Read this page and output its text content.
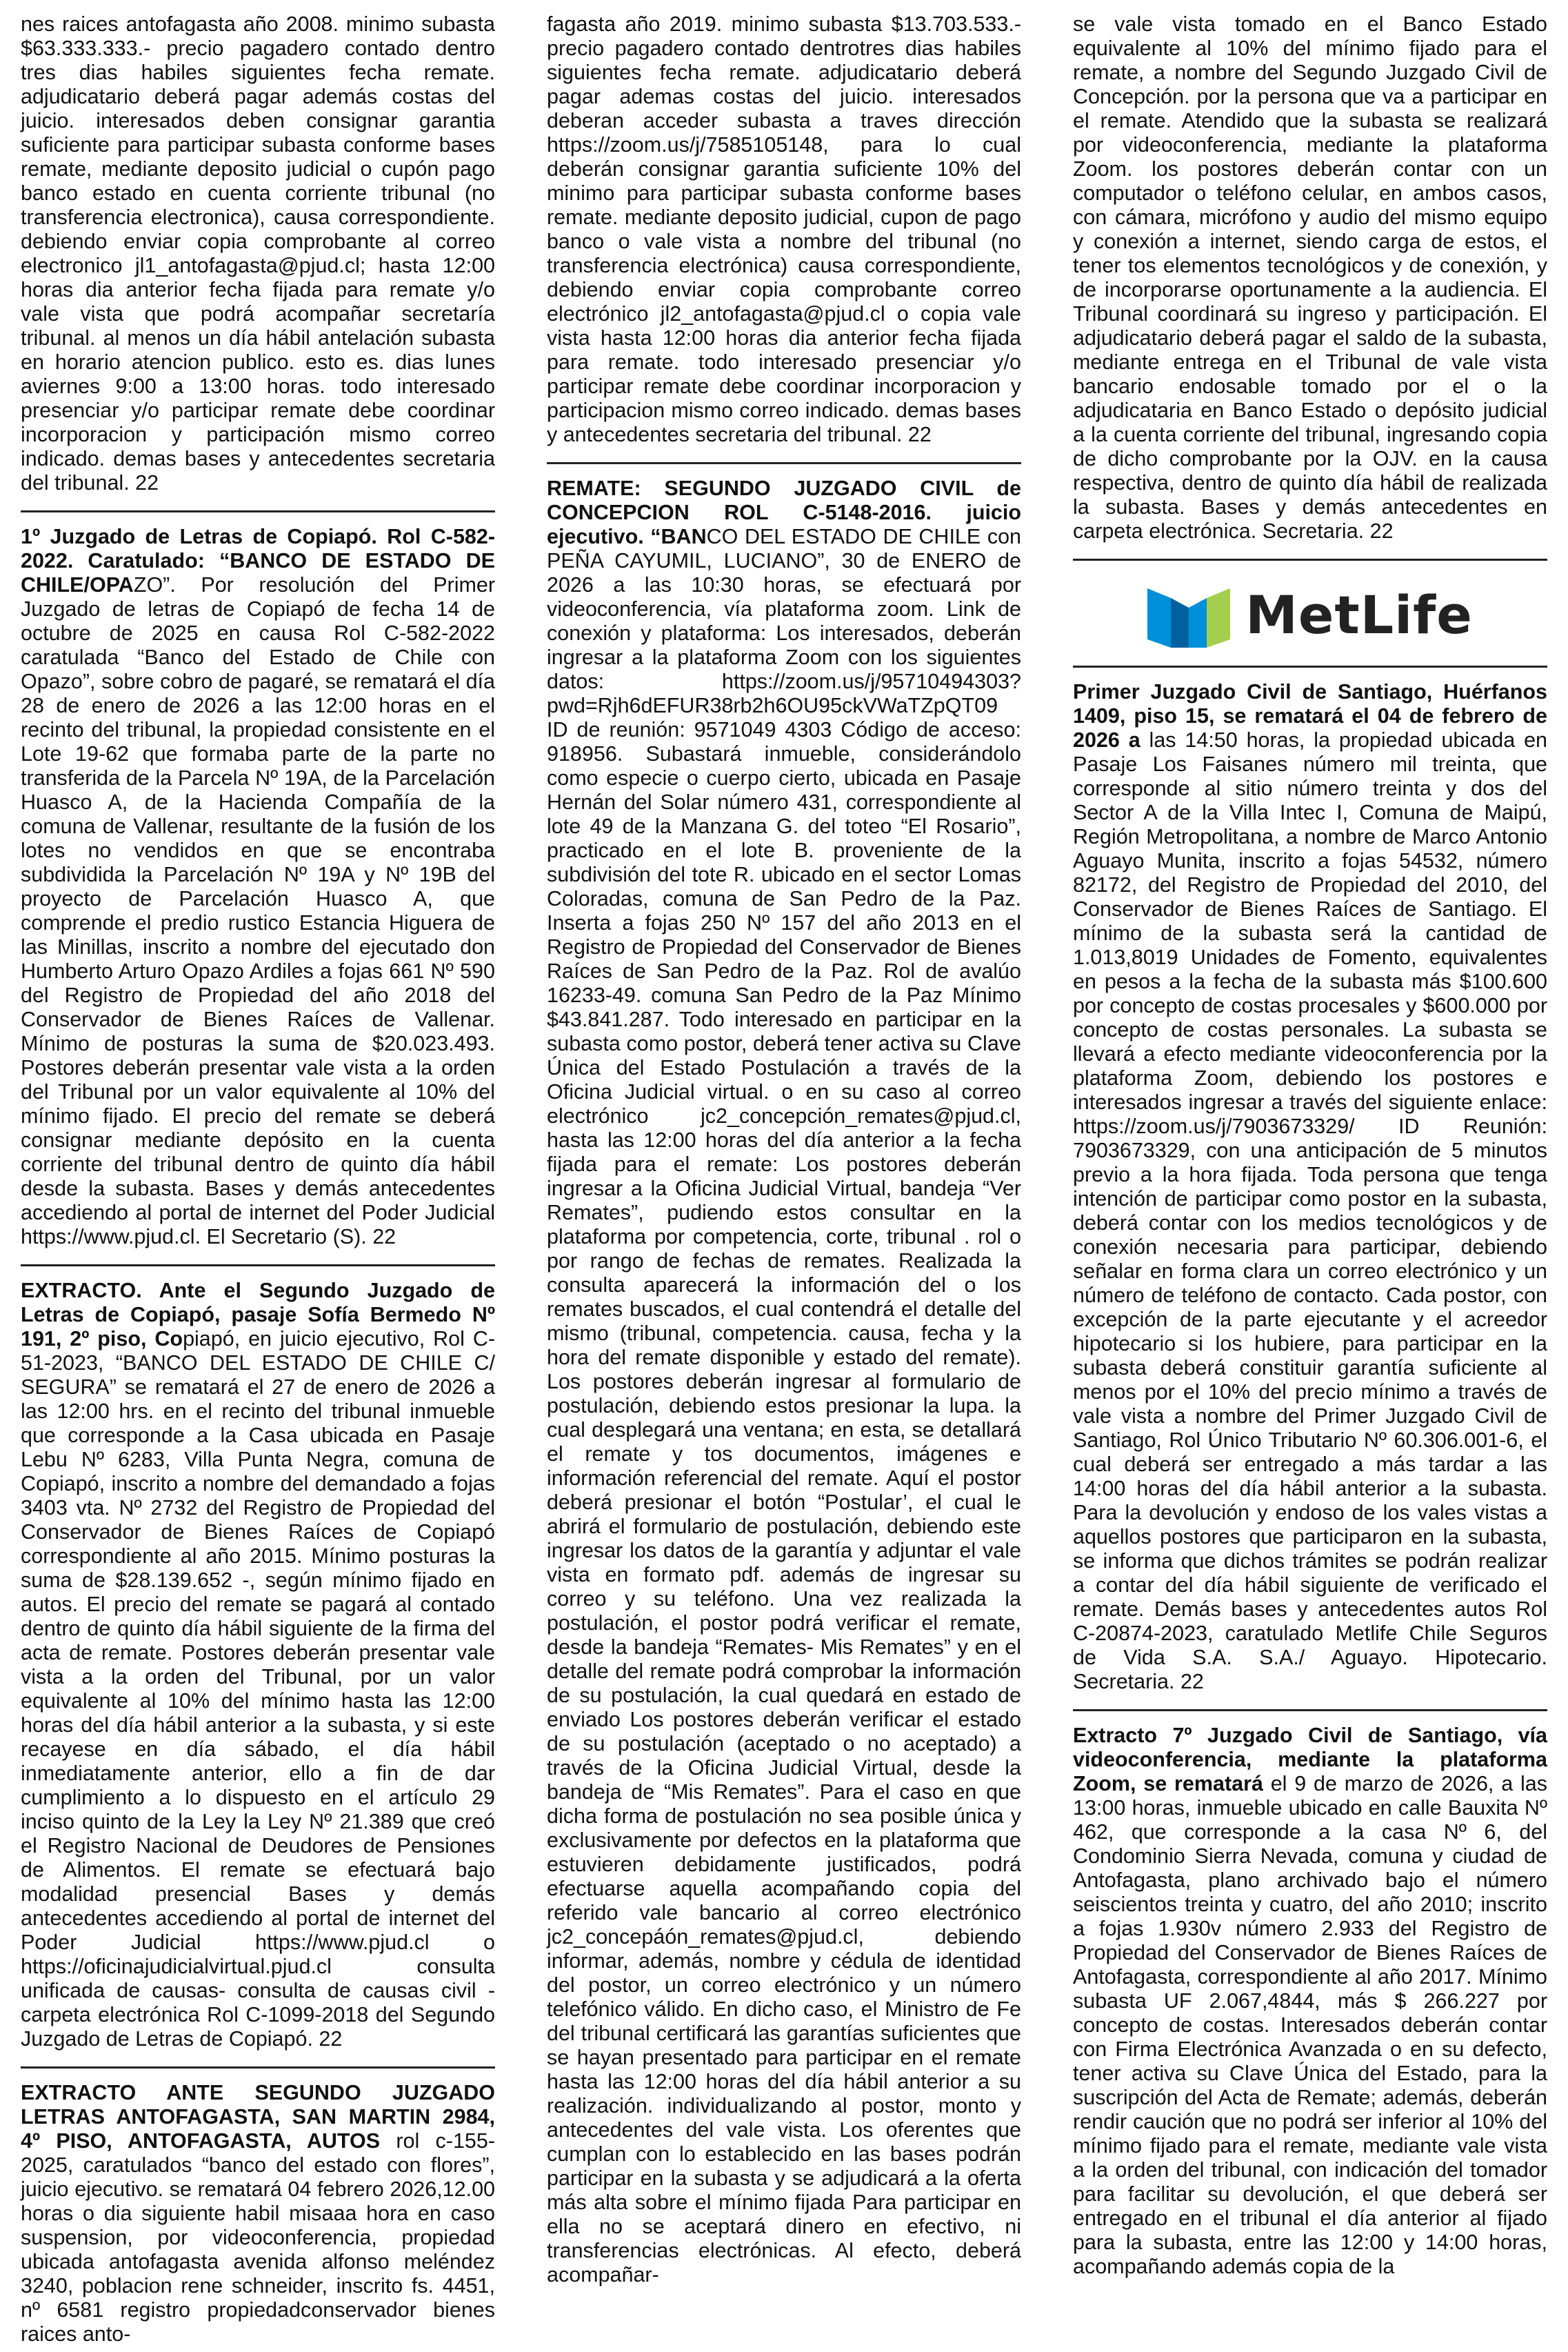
nes raices antofagasta año 2008. minimo subasta $63.333.333.- precio pagadero contado dentro tres dias habiles siguientes fecha remate. adjudicatario deberá pagar además costas del juicio. interesados deben consignar garantia suficiente para participar subasta conforme bases remate, mediante deposito judicial o cupón pago banco estado en cuenta corriente tribunal (no transferencia electronica), causa correspondiente. debiendo enviar copia comprobante al correo electronico jl1_antofagasta@pjud.cl; hasta 12:00 horas dia anterior fecha fijada para remate y/o vale vista que podrá acompañar secretaría tribunal. al menos un día hábil antelación subasta en horario atencion publico. esto es. dias lunes aviernes 9:00 a 13:00 horas. todo interesado presenciar y/o participar remate debe coordinar incorporacion y participación mismo correo indicado. demas bases y antecedentes secretaria del tribunal. 22

1º Juzgado de Letras de Copiapó. Rol C-582-2022. Caratulado: “BANCO DE ESTADO DE CHILE/OPAZO”. Por resolución del Primer Juzgado de letras de Copiapó de fecha 14 de octubre de 2025 en causa Rol C-582-2022 caratulada “Banco del Estado de Chile con Opazo”, sobre cobro de pagaré, se rematará el día 28 de enero de 2026 a las 12:00 horas en el recinto del tribunal, la propiedad consistente en el Lote 19-62 que formaba parte de la parte no transferida de la Parcela Nº 19A, de la Parcelación Huasco A, de la Hacienda Compañía de la comuna de Vallenar, resultante de la fusión de los lotes no vendidos en que se encontraba subdividida la Parcelación Nº 19A y Nº 19B del proyecto de Parcelación Huasco A, que comprende el predio rustico Estancia Higuera de las Minillas, inscrito a nombre del ejecutado don Humberto Arturo Opazo Ardiles a fojas 661 Nº 590 del Registro de Propiedad del año 2018 del Conservador de Bienes Raíces de Vallenar. Mínimo de posturas la suma de $20.023.493. Postores deberán presentar vale vista a la orden del Tribunal por un valor equivalente al 10% del mínimo fijado. El precio del remate se deberá consignar mediante depósito en la cuenta corriente del tribunal dentro de quinto día hábil desde la subasta. Bases y demás antecedentes accediendo al portal de internet del Poder Judicial https://www.pjud.cl. El Secretario (S). 22

EXTRACTO. Ante el Segundo Juzgado de Letras de Copiapó, pasaje Sofía Bermedo Nº 191, 2º piso, Copiapó, en juicio ejecutivo, Rol C-51-2023, “BANCO DEL ESTADO DE CHILE C/ SEGURA” se rematará el 27 de enero de 2026 a las 12:00 hrs. en el recinto del tribunal inmueble que corresponde a la Casa ubicada en Pasaje Lebu Nº 6283, Villa Punta Negra, comuna de Copiapó, inscrito a nombre del demandado a fojas 3403 vta. Nº 2732 del Registro de Propiedad del Conservador de Bienes Raíces de Copiapó correspondiente al año 2015. Mínimo posturas la suma de $28.139.652 -, según mínimo fijado en autos. El precio del remate se pagará al contado dentro de quinto día hábil siguiente de la firma del acta de remate. Postores deberán presentar vale vista a la orden del Tribunal, por un valor equivalente al 10% del mínimo hasta las 12:00 horas del día hábil anterior a la subasta, y si este recayese en día sábado, el día hábil inmediatamente anterior, ello a fin de dar cumplimiento a lo dispuesto en el artículo 29 inciso quinto de la Ley la Ley Nº 21.389 que creó el Registro Nacional de Deudores de Pensiones de Alimentos. El remate se efectuará bajo modalidad presencial Bases y demás antecedentes accediendo al portal de internet del Poder Judicial https://www.pjud.cl o https://oficinajudicialvirtual.pjud.cl consulta unificada de causas- consulta de causas civil - carpeta electrónica Rol C-1099-2018 del Segundo Juzgado de Letras de Copiapó. 22

EXTRACTO ANTE SEGUNDO JUZGADO LETRAS ANTOFAGASTA, SAN MARTIN 2984, 4º PISO, ANTOFAGASTA, AUTOS rol c-155-2025, caratulados “banco del estado con flores”, juicio ejecutivo. se rematará 04 febrero 2026,12.00 horas o dia siguiente habil misaaa hora en caso suspension, por videoconferencia, propiedad ubicada antofagasta avenida alfonso meléndez 3240, poblacion rene schneider, inscrito fs. 4451, nº 6581 registro propiedadconservador bienes raices anto-

fagasta año 2019. minimo subasta $13.703.533.- precio pagadero contado dentrotres dias habiles siguientes fecha remate. adjudicatario deberá pagar ademas costas del juicio. interesados deberan acceder subasta a traves dirección https://zoom.us/j/7585105148, para lo cual deberán consignar garantia suficiente 10% del minimo para participar subasta conforme bases remate. mediante deposito judicial, cupon de pago banco o vale vista a nombre del tribunal (no transferencia electrónica) causa correspondiente, debiendo enviar copia comprobante correo electrónico jl2_antofagasta@pjud.cl o copia vale vista hasta 12:00 horas dia anterior fecha fijada para remate. todo interesado presenciar y/o participar remate debe coordinar incorporacion y participacion mismo correo indicado. demas bases y antecedentes secretaria del tribunal. 22

REMATE: SEGUNDO JUZGADO CIVIL de CONCEPCION ROL C-5148-2016. juicio ejecutivo. “BANCO DEL ESTADO DE CHILE con PEÑA CAYUMIL, LUCIANO”, 30 de ENERO de 2026 a las 10:30 horas, se efectuará por videoconferencia, vía plataforma zoom. Link de conexión y plataforma: Los interesados, deberán ingresar a la plataforma Zoom con los siguientes datos: https://zoom.us/j/95710494303?pwd=Rjh6dEFUR38rb2h6OU95ckVWaTZpQT09 ID de reunión: 9571049 4303 Código de acceso: 918956. Subastará inmueble, considerándolo como especie o cuerpo cierto, ubicada en Pasaje Hernán del Solar número 431, correspondiente al lote 49 de la Manzana G. del toteo “El Rosario”, practicado en el lote B. proveniente de la subdivisión del tote R. ubicado en el sector Lomas Coloradas, comuna de San Pedro de la Paz. Inserta a fojas 250 Nº 157 del año 2013 en el Registro de Propiedad del Conservador de Bienes Raíces de San Pedro de la Paz. Rol de avalúo 16233-49. comuna San Pedro de la Paz Mínimo $43.841.287. Todo interesado en participar en la subasta como postor, deberá tener activa su Clave Única del Estado Postulación a través de la Oficina Judicial virtual. o en su caso al correo electrónico jc2_concepción_remates@pjud.cl, hasta las 12:00 horas del día anterior a la fecha fijada para el remate: Los postores deberán ingresar a la Oficina Judicial Virtual, bandeja “Ver Remates”, pudiendo estos consultar en la plataforma por competencia, corte, tribunal . rol o por rango de fechas de remates. Realizada la consulta aparecerá la información del o los remates buscados, el cual contendrá el detalle del mismo (tribunal, competencia. causa, fecha y la hora del remate disponible y estado del remate). Los postores deberán ingresar al formulario de postulación, debiendo estos presionar la lupa. la cual desplegará una ventana; en esta, se detallará el remate y tos documentos, imágenes e información referencial del remate. Aquí el postor deberá presionar el botón “Postular’, el cual le abrirá el formulario de postulación, debiendo este ingresar los datos de la garantía y adjuntar el vale vista en formato pdf. además de ingresar su correo y su teléfono. Una vez realizada la postulación, el postor podrá verificar el remate, desde la bandeja “Remates- Mis Remates” y en el detalle del remate podrá comprobar la información de su postulación, la cual quedará en estado de enviado Los postores deberán verificar el estado de su postulación (aceptado o no aceptado) a través de la Oficina Judicial Virtual, desde la bandeja de “Mis Remates”. Para el caso en que dicha forma de postulación no sea posible única y exclusivamente por defectos en la plataforma que estuvieren debidamente justificados, podrá efectuarse aquella acompañando copia del referido vale bancario al correo electrónico jc2_concepáón_remates@pjud.cl, debiendo informar, además, nombre y cédula de identidad del postor, un correo electrónico y un número telefónico válido. En dicho caso, el Ministro de Fe del tribunal certificará las garantías suficientes que se hayan presentado para participar en el remate hasta las 12:00 horas del día hábil anterior a su realización. individualizando al postor, monto y antecedentes del vale vista. Los oferentes que cumplan con lo establecido en las bases podrán participar en la subasta y se adjudicará a la oferta más alta sobre el mínimo fijada Para participar en ella no se aceptará dinero en efectivo, ni transferencias electrónicas. Al efecto, deberá acompañar-

se vale vista tomado en el Banco Estado equivalente al 10% del mínimo fijado para el remate, a nombre del Segundo Juzgado Civil de Concepción. por la persona que va a participar en el remate. Atendido que la subasta se realizará por videoconferencia, mediante la plataforma Zoom. los postores deberán contar con un computador o teléfono celular, en ambos casos, con cámara, micrófono y audio del mismo equipo y conexión a internet, siendo carga de estos, el tener tos elementos tecnológicos y de conexión, y de incorporarse oportunamente a la audiencia. El Tribunal coordinará su ingreso y participación. El adjudicatario deberá pagar el saldo de la subasta, mediante entrega en el Tribunal de vale vista bancario endosable tomado por el o la adjudicataria en Banco Estado o depósito judicial a la cuenta corriente del tribunal, ingresando copia de dicho comprobante por la OJV. en la causa respectiva, dentro de quinto día hábil de realizada la subasta. Bases y demás antecedentes en carpeta electrónica. Secretaria. 22

MetLife

Primer Juzgado Civil de Santiago, Huérfanos 1409, piso 15, se rematará el 04 de febrero de 2026 a las 14:50 horas, la propiedad ubicada en Pasaje Los Faisanes número mil treinta, que corresponde al sitio número treinta y dos del Sector A de la Villa Intec I, Comuna de Maipú, Región Metropolitana, a nombre de Marco Antonio Aguayo Munita, inscrito a fojas 54532, número 82172, del Registro de Propiedad del 2010, del Conservador de Bienes Raíces de Santiago. El mínimo de la subasta será la cantidad de 1.013,8019 Unidades de Fomento, equivalentes en pesos a la fecha de la subasta más $100.600 por concepto de costas procesales y $600.000 por concepto de costas personales. La subasta se llevará a efecto mediante videoconferencia por la plataforma Zoom, debiendo los postores e interesados ingresar a través del siguiente enlace: https://zoom.us/j/7903673329/ ID Reunión: 7903673329, con una anticipación de 5 minutos previo a la hora fijada. Toda persona que tenga intención de participar como postor en la subasta, deberá contar con los medios tecnológicos y de conexión necesaria para participar, debiendo señalar en forma clara un correo electrónico y un número de teléfono de contacto. Cada postor, con excepción de la parte ejecutante y el acreedor hipotecario si los hubiere, para participar en la subasta deberá constituir garantía suficiente al menos por el 10% del precio mínimo a través de vale vista a nombre del Primer Juzgado Civil de Santiago, Rol Único Tributario Nº 60.306.001-6, el cual deberá ser entregado a más tardar a las 14:00 horas del día hábil anterior a la subasta. Para la devolución y endoso de los vales vistas a aquellos postores que participaron en la subasta, se informa que dichos trámites se podrán realizar a contar del día hábil siguiente de verificado el remate. Demás bases y antecedentes autos Rol C-20874-2023, caratulado Metlife Chile Seguros de Vida S.A. S.A./ Aguayo. Hipotecario. Secretaria. 22

Extracto 7º Juzgado Civil de Santiago, vía videoconferencia, mediante la plataforma Zoom, se rematará el 9 de marzo de 2026, a las 13:00 horas, inmueble ubicado en calle Bauxita Nº 462, que corresponde a la casa Nº 6, del Condominio Sierra Nevada, comuna y ciudad de Antofagasta, plano archivado bajo el número seiscientos treinta y cuatro, del año 2010; inscrito a fojas 1.930v número 2.933 del Registro de Propiedad del Conservador de Bienes Raíces de Antofagasta, correspondiente al año 2017. Mínimo subasta UF 2.067,4844, más $ 266.227 por concepto de costas. Interesados deberán contar con Firma Electrónica Avanzada o en su defecto, tener activa su Clave Única del Estado, para la suscripción del Acta de Remate; además, deberán rendir caución que no podrá ser inferior al 10% del mínimo fijado para el remate, mediante vale vista a la orden del tribunal, con indicación del tomador para facilitar su devolución, el que deberá ser entregado en el tribunal el día anterior al fijado para la subasta, entre las 12:00 y 14:00 horas, acompañando además copia de la
